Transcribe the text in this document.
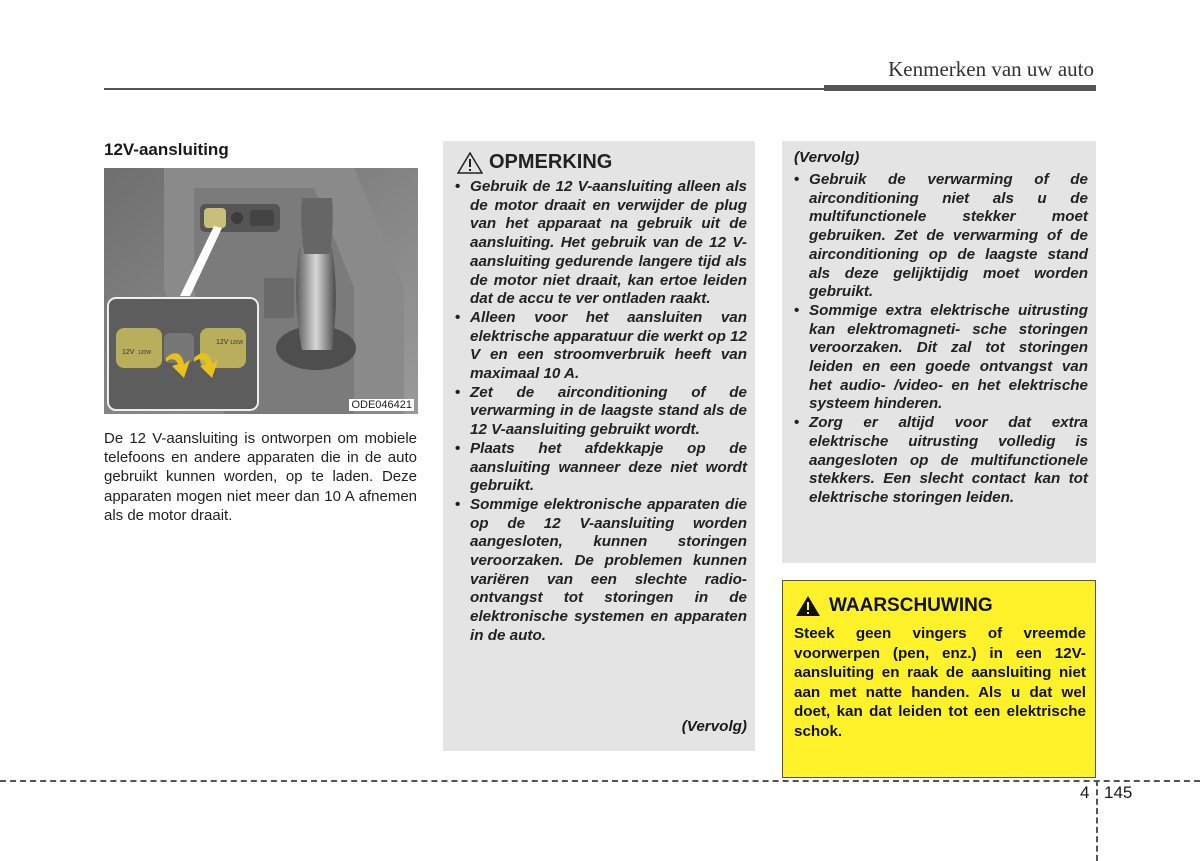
Kenmerken van uw auto
12V-aansluiting
12V
12V
120W
120W
ODE046421
De 12 V-aansluiting is ontworpen om mobiele telefoons en andere apparaten die in de auto gebruikt kunnen worden, op te laden. Deze apparaten mogen niet meer dan 10 A afnemen als de motor draait.
OPMERKING
• Gebruik de 12 V-aansluiting alleen als de motor draait en verwijder de plug van het apparaat na gebruik uit de aansluiting. Het gebruik van de 12 V-aansluiting gedurende langere tijd als de motor niet draait, kan ertoe leiden dat de accu te ver ontladen raakt.
• Alleen voor het aansluiten van elektrische apparatuur die werkt op 12 V en een stroomverbruik heeft van maximaal 10 A.
• Zet de airconditioning of de verwarming in de laagste stand als de 12 V-aansluiting gebruikt wordt.
• Plaats het afdekkapje op de aansluiting wanneer deze niet wordt gebruikt.
• Sommige elektronische apparaten die op de 12 V-aansluiting worden aangesloten, kunnen storingen veroorzaken. De problemen kunnen variëren van een slechte radio-ontvangst tot storingen in de elektronische systemen en apparaten in de auto.
(Vervolg)
(Vervolg)
• Gebruik de verwarming of de airconditioning niet als u de multifunctionele stekker moet gebruiken. Zet de verwarming of de airconditioning op de laagste stand als deze gelijktijdig moet worden gebruikt.
• Sommige extra elektrische uitrusting kan elektromagneti- sche storingen veroorzaken. Dit zal tot storingen leiden en een goede ontvangst van het audio- /video- en het elektrische systeem hinderen.
• Zorg er altijd voor dat extra elektrische uitrusting volledig is aangesloten op de multifunctionele stekkers. Een slecht contact kan tot elektrische storingen leiden.
WAARSCHUWING
Steek geen vingers of vreemde voorwerpen (pen, enz.) in een 12V-aansluiting en raak de aansluiting niet aan met natte handen. Als u dat wel doet, kan dat leiden tot een elektrische schok.
4 145
